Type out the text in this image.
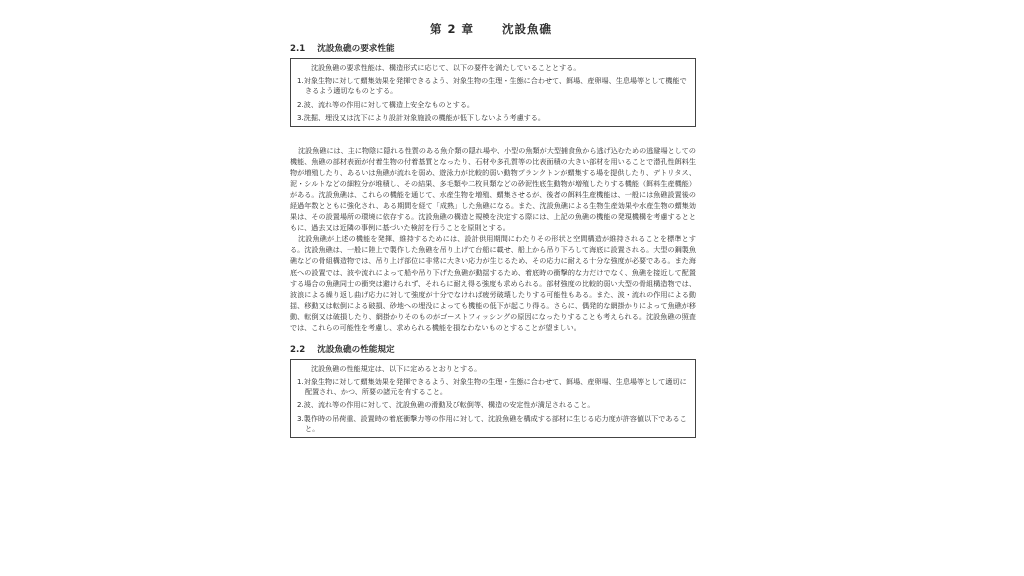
第 2 章 沈設魚礁
2.1 沈設魚礁の要求性能
沈設魚礁の要求性能は、構造形式に応じて、以下の要件を満たしていることとする。
1.対象生物に対して蝟集効果を発揮できるよう、対象生物の生理・生態に合わせて、餌場、産卵場、生息場等として機能できるよう適切なものとする。
2.波、流れ等の作用に対して構造上安全なものとする。
3.洗掘、埋没又は沈下により設計対象施設の機能が低下しないよう考慮する。
沈設魚礁には、主に物陰に隠れる性質のある魚介類の隠れ場や、小型の魚類が大型捕食魚から逃げ込むための逃避場としての機能、魚礁の部材表面が付着生物の付着基質となったり、石材や多孔質等の比表面積の大きい部材を用いることで潜孔性餌料生物が増殖したり、あるいは魚礁が流れを弱め、遊泳力が比較的弱い動物プランクトンが蝟集する場を提供したり、デトリタス、泥・シルトなどの細粒分が堆積し、その結果、多毛類や二枚貝類などの砂泥性底生動物が増殖したりする機能（餌料生産機能）がある。沈設魚礁は、これらの機能を通じて、水産生物を増殖、蝟集させるが、後者の餌料生産機能は、一般には魚礁設置後の経過年数とともに強化され、ある期間を経て「成熟」した魚礁になる。また、沈設魚礁による生物生産効果や水産生物の蝟集効果は、その設置場所の環境に依存する。沈設魚礁の構造と規模を決定する際には、上記の魚礁の機能の発現機構を考慮するとともに、過去又は近隣の事例に基づいた検討を行うことを原則とする。
沈設魚礁が上述の機能を発揮、維持するためには、設計供用期間にわたりその形状と空間構造が維持されることを標準とする。沈設魚礁は、一般に陸上で製作した魚礁を吊り上げて台船に載せ、船上から吊り下ろして海底に設置される。大型の鋼製魚礁などの骨組構造物では、吊り上げ部位に非常に大きい応力が生じるため、その応力に耐える十分な強度が必要である。また海底への設置では、波や流れによって船や吊り下げた魚礁が動揺するため、着底時の衝撃的な力だけでなく、魚礁を接近して配置する場合の魚礁同士の衝突は避けられず、それらに耐え得る強度も求められる。部材強度の比較的弱い大型の骨組構造物では、波浪による繰り返し曲げ応力に対して強度が十分でなければ疲労破壊したりする可能性もある。また、波・流れの作用による動揺、移動又は転倒による破損、砂地への埋没によっても機能の低下が起こり得る。さらに、偶発的な網掛かりによって魚礁が移動、転倒又は破損したり、網掛かりそのものがゴーストフィッシングの原因になったりすることも考えられる。沈設魚礁の照査では、これらの可能性を考慮し、求められる機能を損なわないものとすることが望ましい。
2.2 沈設魚礁の性能規定
沈設魚礁の性能規定は、以下に定めるとおりとする。
1.対象生物に対して蝟集効果を発揮できるよう、対象生物の生理・生態に合わせて、餌場、産卵場、生息場等として適切に配置され、かつ、所要の諸元を有すること。
2.波、流れ等の作用に対して、沈設魚礁の滑動及び転倒等、構造の安定性が満足されること。
3.製作時の吊荷重、設置時の着底衝撃力等の作用に対して、沈設魚礁を構成する部材に生じる応力度が許容値以下であること。
